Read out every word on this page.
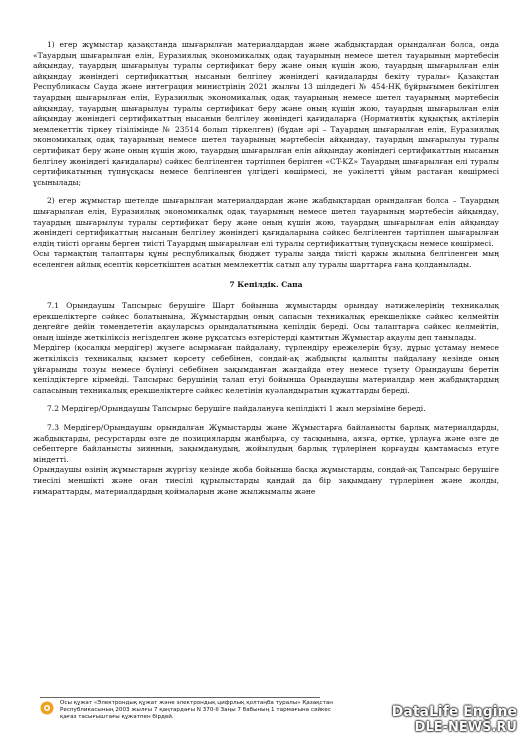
1) егер жұмыстар қазақстанда шығарылған материалдардан және жабдықтардан орындалған болса, онда «Тауардың шығарылған елін, Еуразиялық экономикалық одақ тауарының немесе шетел тауарының мәртебесін айқындау, тауардың шығарылуы туралы сертификат беру және оның күшін жою, тауардың шығарылған елін айқындау жөніндегі сертификаттың нысанын белгілеу жөніндегі қағидаларды бекіту туралы» Қазақстан Республикасы Сауда және интеграция министрінің 2021 жылғы 13 шілдедегі № 454-НҚ бұйрығымен бекітілген тауардың шығарылған елін, Еуразиялық экономикалық одақ тауарының немесе шетел тауарының мәртебесін айқындау, тауардың шығарылуы туралы сертификат беру және оның күшін жою, тауардың шығарылған елін айқындау жөніндегі сертификаттың нысанын белгілеу жөніндегі қағидаларға (Нормативтік құқықтық актілерін мемлекеттік тіркеу тізілімінде № 23514 болып тіркелген) (бұдан әрі – Тауардың шығарылған елін, Еуразиялық экономикалық одақ тауарының немесе шетел тауарының мәртебесін айқындау, тауардың шығарылуы туралы сертификат беру және оның күшін жою, тауардың шығарылған елін айқындау жөніндегі сертификаттың нысанын белгілеу жөніндегі қағидалары) сәйкес белгіленген тәртіппен берілген «CT-KZ» Тауардың шығарылған елі туралы сертификатының түпнұсқасы немесе белгіленген үлгідегі көшірмесі, не уәкілетті ұйым растаған көшірмесі ұсынылады;

2) егер жұмыстар шетелде шығарылған материалдардан және жабдықтардан орындалған болса – Тауардың шығарылған елін, Еуразиялық экономикалық одақ тауарының немесе шетел тауарының мәртебесін айқындау, тауардың шығарылуы туралы сертификат беру және оның күшін жою, тауардың шығарылған елін айқындау жөніндегі сертификаттың нысанын белгілеу жөніндегі қағидаларына сәйкес белгіленген тәртіппен шығарылған елдің тиісті органы берген тиісті Тауардың шығарылған елі туралы сертификаттың түпнұсқасы немесе көшірмесі.

Осы тармақтың талаптары құны республикалық бюджет туралы заңда тиісті қаржы жылына белгіленген мың еселенген айлық есептік көрсеткіштен асатын мемлекеттік сатып алу туралы шарттарға ғана қолданылады.

7 Кепілдік. Сапа

7.1 Орындаушы Тапсырыс берушіге Шарт бойынша жұмыстарды орындау нәтижелерінің техникалық ерекшеліктерге сәйкес болатынына, Жұмыстардың оның сапасын техникалық ерекшелікке сәйкес келмейтін деңгейге дейін төмендететін ақауларсыз орындалатынына кепілдік береді. Осы талаптарға сәйкес келмейтін, оның ішінде жеткіліксіз негізделген жөне рұқсатсыз өзгерістерді қамтитын Жұмыстар ақаулы деп танылады.

Мердігер (қосалқы мердігер) жүзеге асырмаған пайдалану, түрлендіру ережелерін бұзу, дұрыс ұстамау немесе жеткіліксіз техникалық қызмет көрсету себебінен, сондай-ақ жабдықты қалыпты пайдалану кезінде оның ұйғарынды тозуы немесе бүлінуі себебінен зақымданған жағдайда өтеу немесе түзету Орындаушы беретін кепілдіктерге кірмейді. Тапсырыс берушінің талап етуі бойынша Орындаушы материалдар мен жабдықтардың сапасының техникалық ерекшеліктерге сәйкес келетінін куәландыратын құжаттарды береді.

7.2 Мердігер/Орындаушы Тапсырыс берушіге пайдалануға кепілдікті 1 жыл мерзіміне береді.

7.3 Мердігер/Орындаушы орындалған Жұмыстарды және Жұмыстарға байланысты барлық материалдарды, жабдықтарды, ресурстарды өзге де позицияларды жаңбырға, су тасқынына, аязға, өртке, ұрлауға және өзге де себептерге байланысты зиянның, зақымданудың, жойылудың барлық түрлерінен қорғауды қамтамасыз етуге міндетті.

Орындаушы өзінің жұмыстарын жүргізу кезінде жоба бойынша басқа жұмыстарды, сондай-ақ Тапсырыс берушіге тиесілі меншікті және оған тиесілі құрылыстарды қандай да бір зақымдану түрлерінен және жолды, ғимараттарды, материалдардың қоймаларын және жылжымалы және

Осы құжат «Электрондық құжат және электрондық цифрлық қолтаңба туралы» Қазақстан Республикасының 2003 жылғы 7 қаңтардағы N 370-II Заңы 7 бабының 1 тармағына сәйкес қағаз тасығыштағы құжатпен бірдей.	DataLife Engine
DLE-NEWS.RU
